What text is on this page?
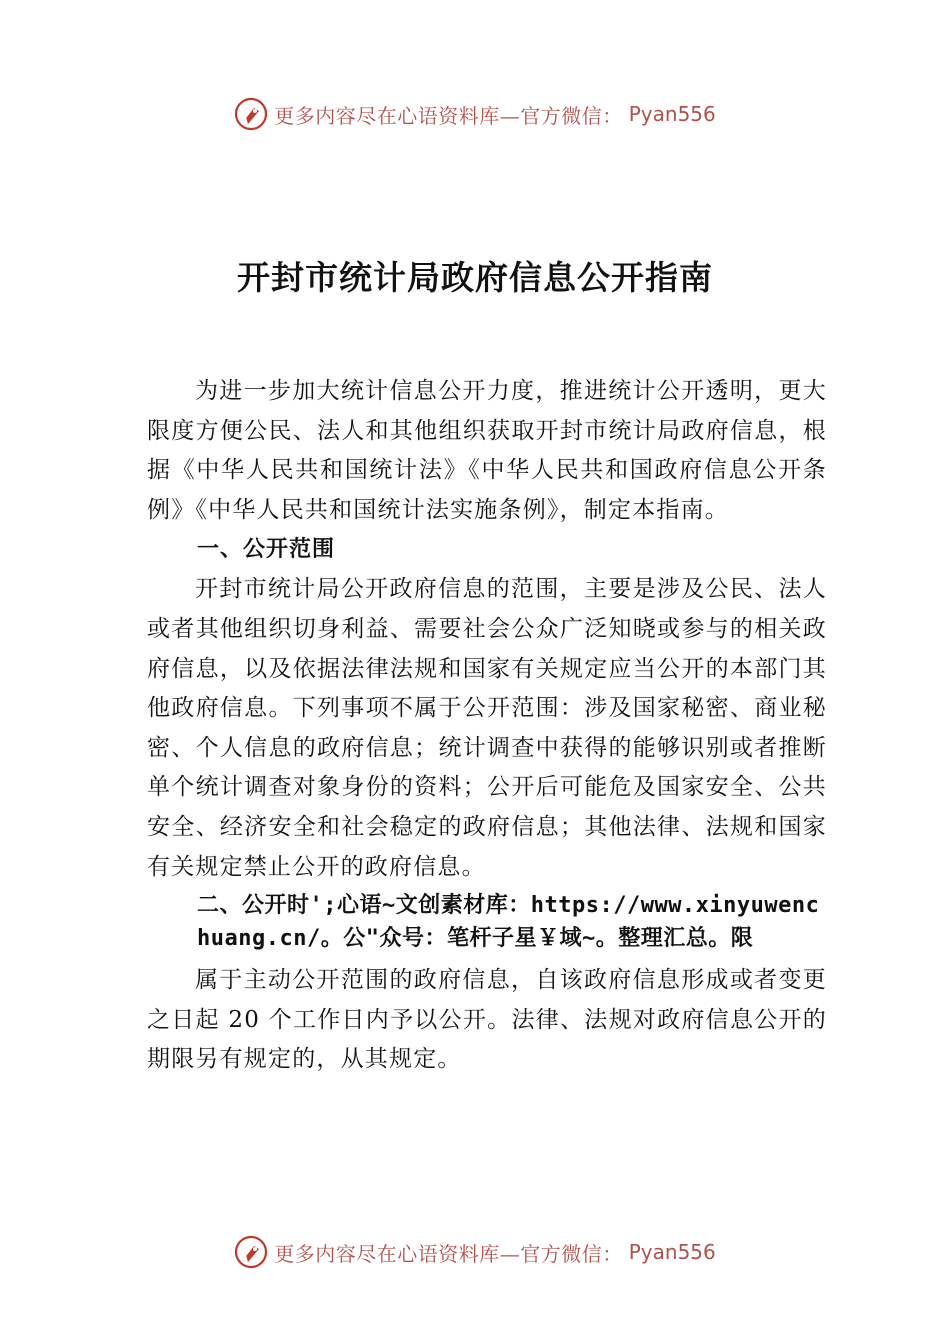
更多内容尽在心语资料库—官方微信： Pyan556
开封市统计局政府信息公开指南

为进一步加大统计信息公开力度，推进统计公开透明，更大限度方便公民、法人和其他组织获取开封市统计局政府信息，根据《中华人民共和国统计法》《中华人民共和国政府信息公开条例》《中华人民共和国统计法实施条例》，制定本指南。

一、公开范围

开封市统计局公开政府信息的范围，主要是涉及公民、法人或者其他组织切身利益、需要社会公众广泛知晓或参与的相关政府信息，以及依据法律法规和国家有关规定应当公开的本部门其他政府信息。下列事项不属于公开范围：涉及国家秘密、商业秘密、个人信息的政府信息；统计调查中获得的能够识别或者推断单个统计调查对象身份的资料；公开后可能危及国家安全、公共安全、经济安全和社会稳定的政府信息；其他法律、法规和国家有关规定禁止公开的政府信息。

二、公开时';心语~文创素材库：https://www.xinyuwenchuang.cn/。公"众号：笔杆子星￥域~。整理汇总。限

属于主动公开范围的政府信息，自该政府信息形成或者变更之日起 20 个工作日内予以公开。法律、法规对政府信息公开的期限另有规定的，从其规定。

更多内容尽在心语资料库—官方微信： Pyan556
